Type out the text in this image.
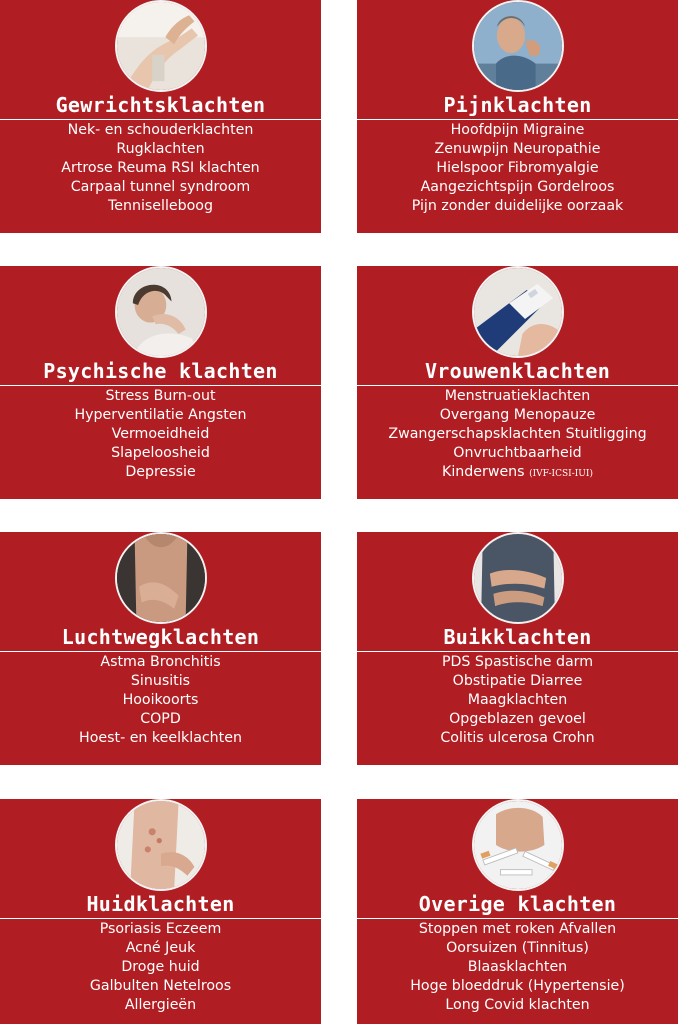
Gewrichtsklachten
Nek- en schouderklachten
Rugklachten
Artrose Reuma RSI klachten
Carpaal tunnel syndroom
Tenniselleboog
Pijnklachten
Hoofdpijn Migraine
Zenuwpijn Neuropathie
Hielspoor Fibromyalgie
Aangezichtspijn Gordelroos
Pijn zonder duidelijke oorzaak
Psychische klachten
Stress Burn-out
Hyperventilatie Angsten
Vermoeidheid
Slapeloosheid
Depressie
Vrouwenklachten
Menstruatieklachten
Overgang Menopauze
Zwangerschapsklachten Stuitligging
Onvruchtbaarheid
Kinderwens (IVF-ICSI-IUI)
Luchtwegklachten
Astma Bronchitis
Sinusitis
Hooikoorts
COPD
Hoest- en keelklachten
Buikklachten
PDS Spastische darm
Obstipatie Diarree
Maagklachten
Opgeblazen gevoel
Colitis ulcerosa Crohn
Huidklachten
Psoriasis Eczeem
Acné Jeuk
Droge huid
Galbulten Netelroos
Allergieën
Overige klachten
Stoppen met roken Afvallen
Oorsuizen (Tinnitus)
Blaasklachten
Hoge bloeddruk (Hypertensie)
Long Covid klachten
